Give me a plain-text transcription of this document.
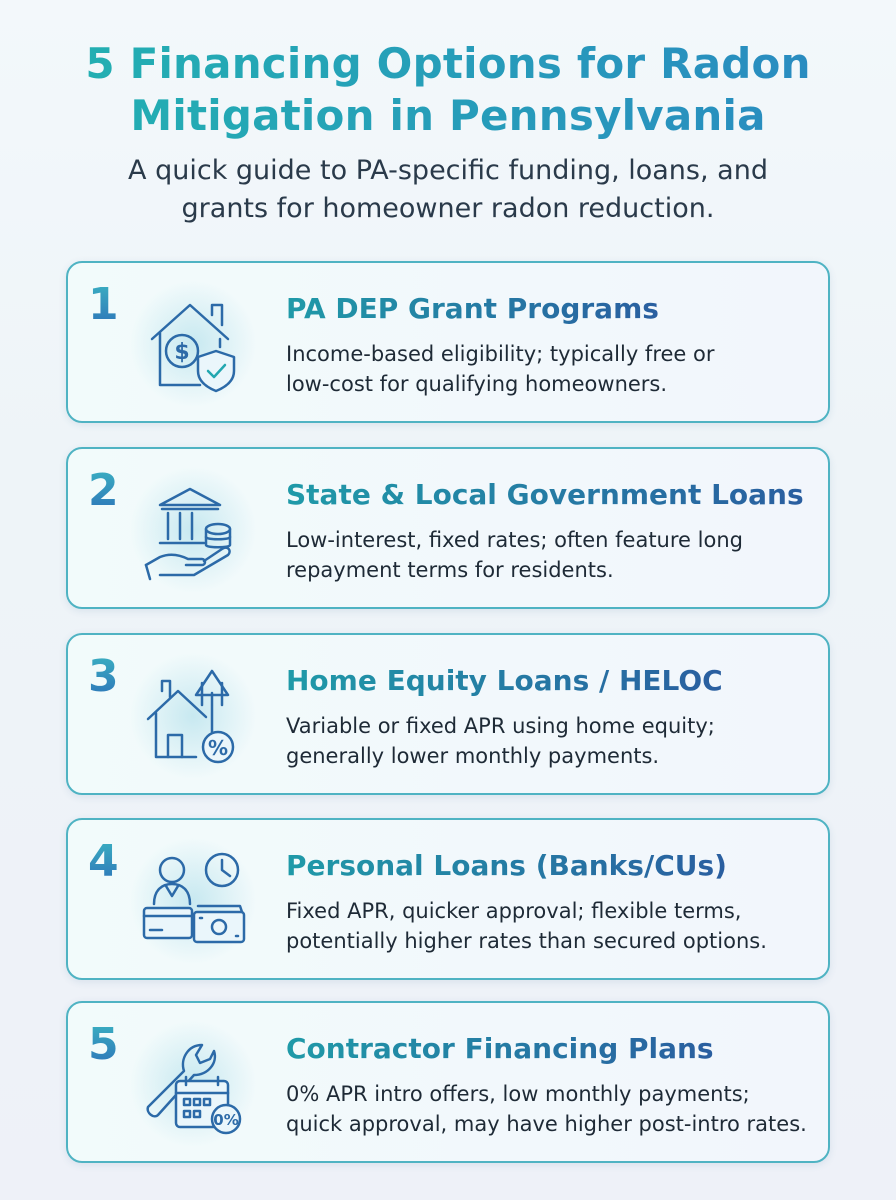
5 Financing Options for Radon
Mitigation in Pennsylvania

A quick guide to PA-specific funding, loans, and
grants for homeowner radon reduction.

1
$
PA DEP Grant Programs
Income-based eligibility; typically free or
low-cost for qualifying homeowners.
2	State & Local Government Loans
Low-interest, fixed rates; often feature long
repayment terms for residents.
3
%
Home Equity Loans / HELOC
Variable or fixed APR using home equity;
generally lower monthly payments.
4	Personal Loans (Banks/CUs)
Fixed APR, quicker approval; flexible terms,
potentially higher rates than secured options.
5
0%
Contractor Financing Plans
0% APR intro offers, low monthly payments;
quick approval, may have higher post-intro rates.
